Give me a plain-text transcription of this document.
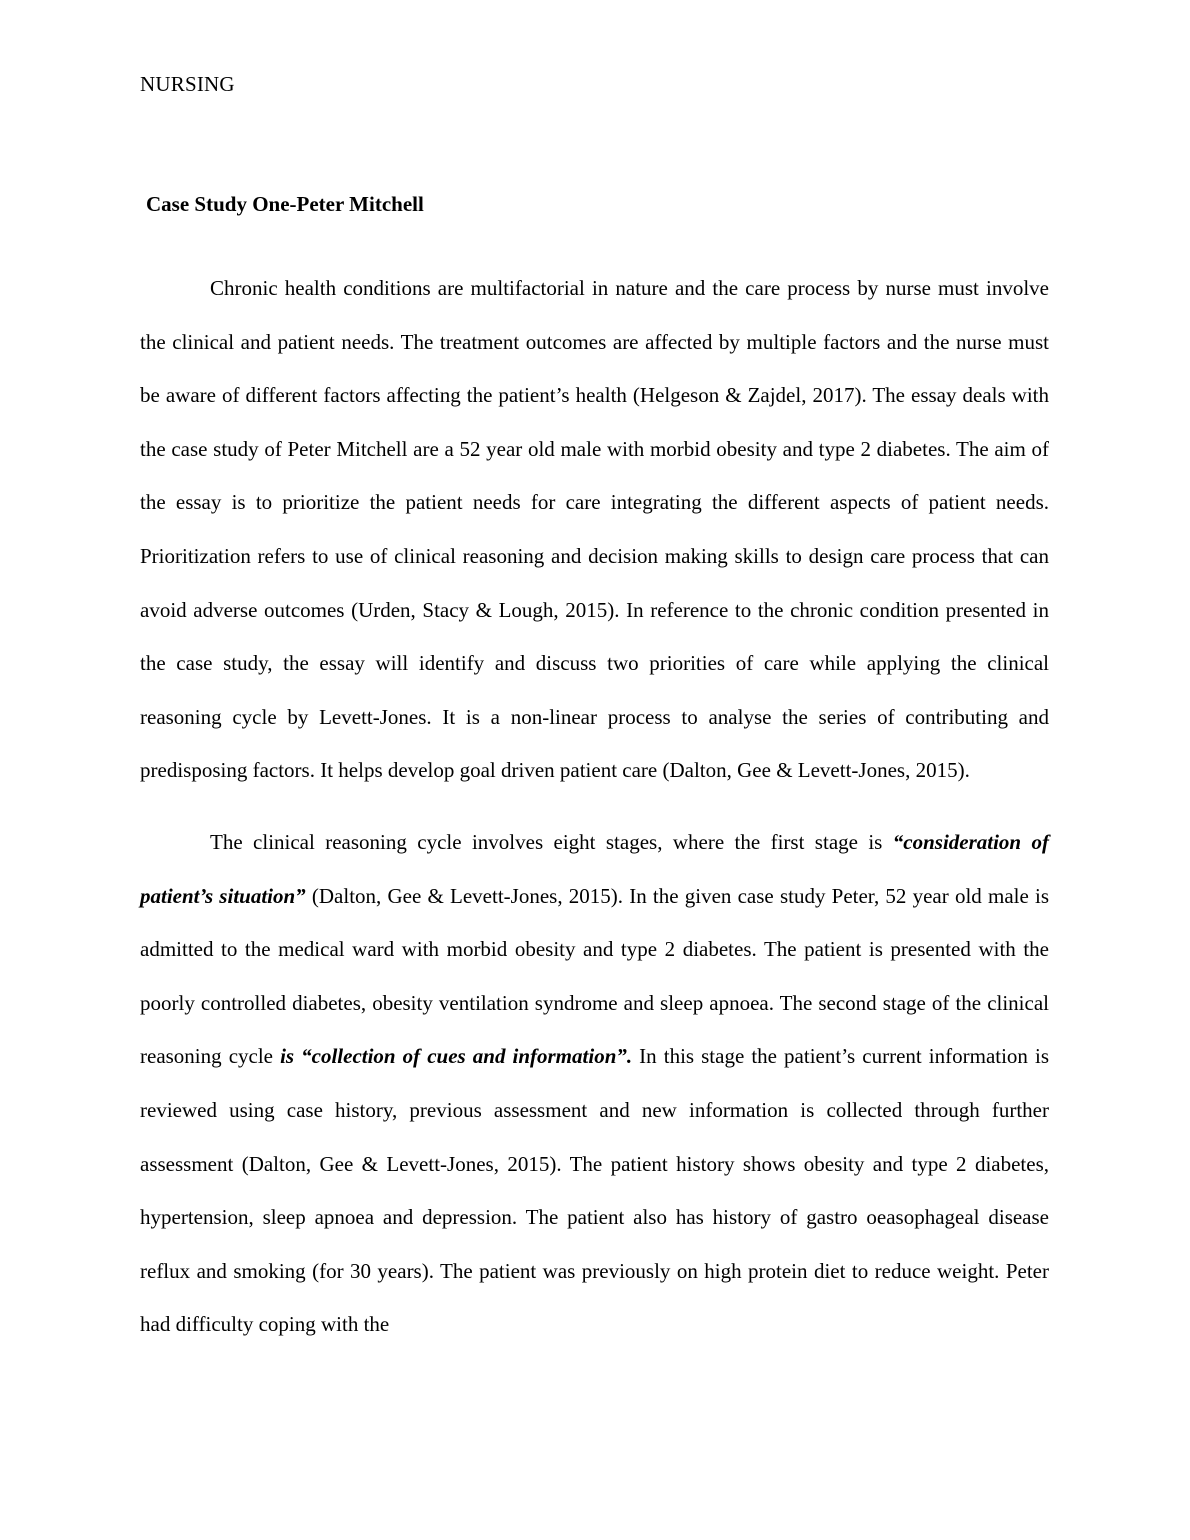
NURSING
Case Study One-Peter Mitchell

Chronic health conditions are multifactorial in nature and the care process by nurse must involve the clinical and patient needs. The treatment outcomes are affected by multiple factors and the nurse must be aware of different factors affecting the patient’s health (Helgeson & Zajdel, 2017). The essay deals with the case study of Peter Mitchell are a 52 year old male with morbid obesity and type 2 diabetes. The aim of the essay is to prioritize the patient needs for care integrating the different aspects of patient needs. Prioritization refers to use of clinical reasoning and decision making skills to design care process that can avoid adverse outcomes (Urden, Stacy & Lough, 2015). In reference to the chronic condition presented in the case study, the essay will identify and discuss two priorities of care while applying the clinical reasoning cycle by Levett-Jones. It is a non-linear process to analyse the series of contributing and predisposing factors. It helps develop goal driven patient care (Dalton, Gee & Levett-Jones, 2015).

The clinical reasoning cycle involves eight stages, where the first stage is “consideration of patient’s situation” (Dalton, Gee & Levett-Jones, 2015). In the given case study Peter, 52 year old male is admitted to the medical ward with morbid obesity and type 2 diabetes. The patient is presented with the poorly controlled diabetes, obesity ventilation syndrome and sleep apnoea. The second stage of the clinical reasoning cycle is “collection of cues and information”. In this stage the patient’s current information is reviewed using case history, previous assessment and new information is collected through further assessment (Dalton, Gee & Levett-Jones, 2015). The patient history shows obesity and type 2 diabetes, hypertension, sleep apnoea and depression. The patient also has history of gastro oeasophageal disease reflux and smoking (for 30 years). The patient was previously on high protein diet to reduce weight. Peter had difficulty coping with the
